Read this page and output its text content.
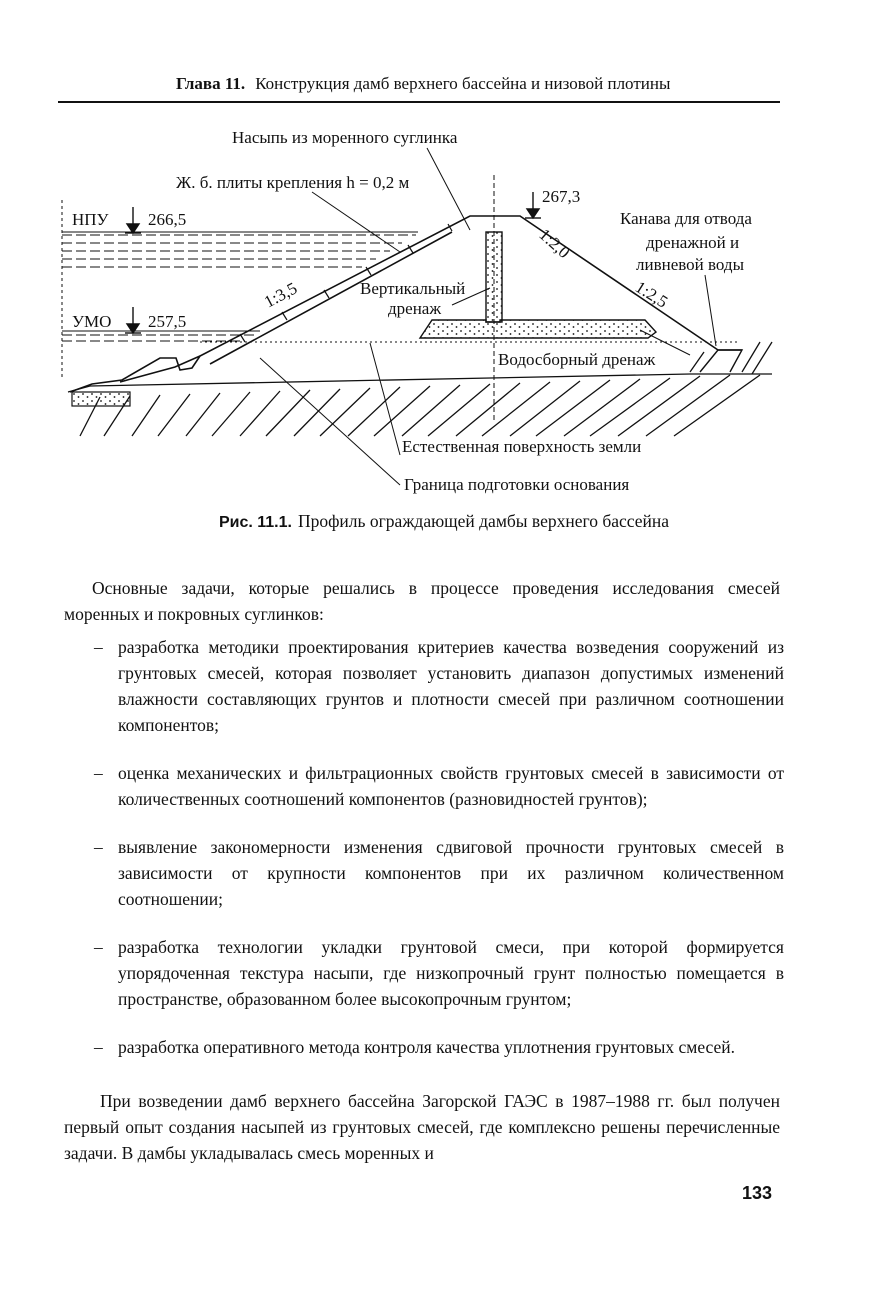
Глава 11. Конструкция дамб верхнего бассейна и низовой плотины
Насыпь из моренного суглинка
Ж. б. плиты крепления h = 0,2 м
НПУ 266,5
УМО 257,5
267,3
1:3,5
1:2,0
1:2,5
Вертикальный
дренаж
Канава для отвода
дренажной и
ливневой воды
Водосборный дренаж
Естественная поверхность земли
Граница подготовки основания
Рис. 11.1. Профиль ограждающей дамбы верхнего бассейна

Основные задачи, которые решались в процессе проведения исследования смесей моренных и покровных суглинков:

– разработка методики проектирования критериев качества возведения сооружений из грунтовых смесей, которая позволяет установить диапазон допустимых изменений влажности составляющих грунтов и плотности смесей при различном соотношении компонентов;
– оценка механических и фильтрационных свойств грунтовых смесей в зависимости от количественных соотношений компонентов (разновидностей грунтов);
– выявление закономерности изменения сдвиговой прочности грунтовых смесей в зависимости от крупности компонентов при их различном количественном соотношении;
– разработка технологии укладки грунтовой смеси, при которой формируется упорядоченная текстура насыпи, где низкопрочный грунт полностью помещается в пространстве, образованном более высокопрочным грунтом;
– разработка оперативного метода контроля качества уплотнения грунтовых смесей.

При возведении дамб верхнего бассейна Загорской ГАЭС в 1987–1988 гг. был получен первый опыт создания насыпей из грунтовых смесей, где комплексно решены перечисленные задачи. В дамбы укладывалась смесь моренных и

133
